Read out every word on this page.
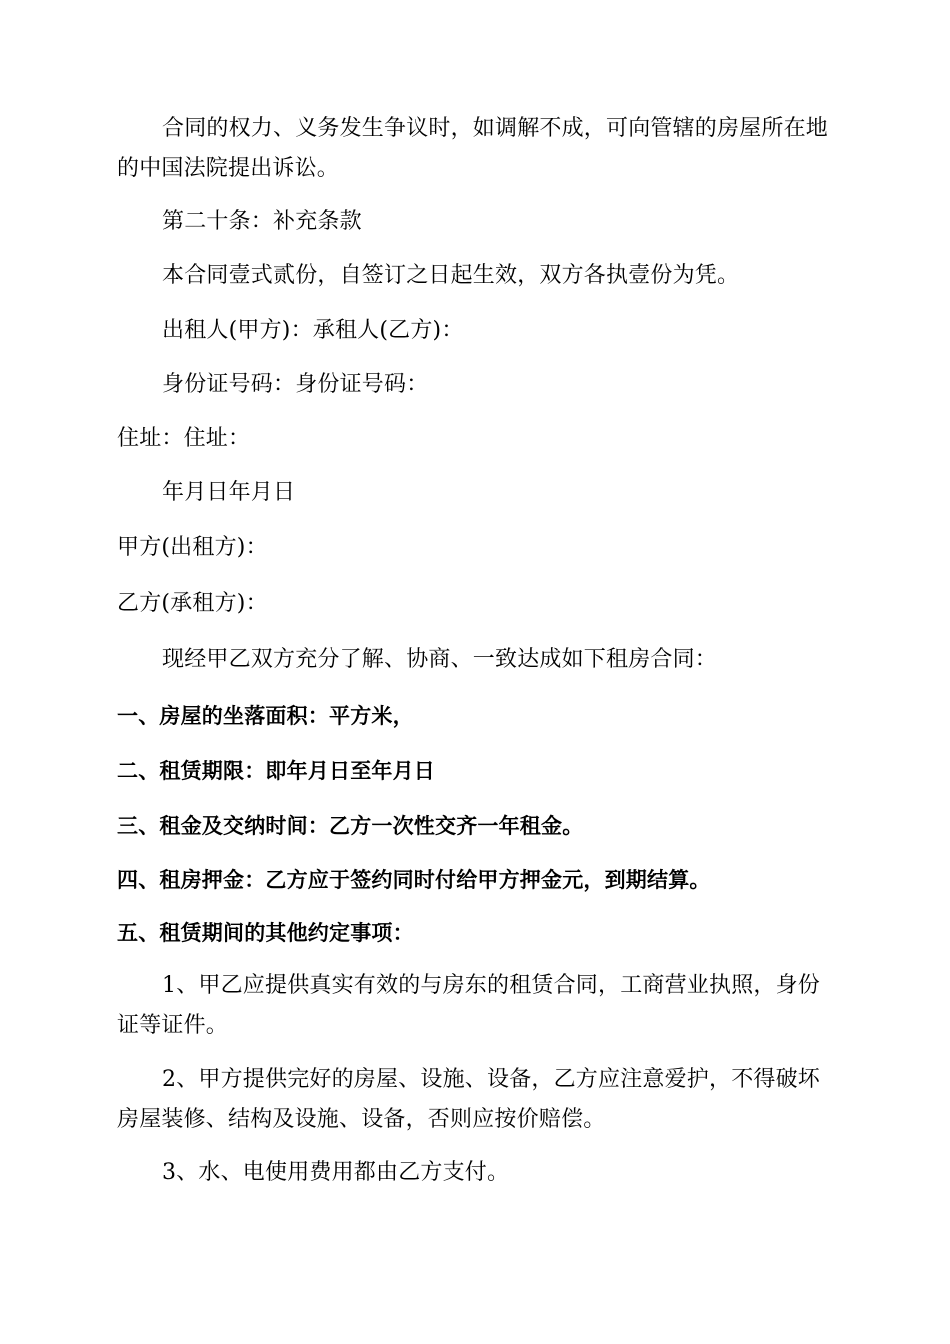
合同的权力、义务发生争议时，如调解不成，可向管辖的房屋所在地
的中国法院提出诉讼。
第二十条：补充条款
本合同壹式贰份，自签订之日起生效，双方各执壹份为凭。
出租人(甲方)：承租人(乙方)：
身份证号码：身份证号码：
住址：住址：
年月日年月日
甲方(出租方)：
乙方(承租方)：
现经甲乙双方充分了解、协商、一致达成如下租房合同：
一、房屋的坐落面积：平方米，
二、租赁期限：即年月日至年月日
三、租金及交纳时间：乙方一次性交齐一年租金。
四、租房押金：乙方应于签约同时付给甲方押金元，到期结算。
五、租赁期间的其他约定事项：
1、甲乙应提供真实有效的与房东的租赁合同，工商营业执照，身份
证等证件。
2、甲方提供完好的房屋、设施、设备，乙方应注意爱护，不得破坏
房屋装修、结构及设施、设备，否则应按价赔偿。
3、水、电使用费用都由乙方支付。
